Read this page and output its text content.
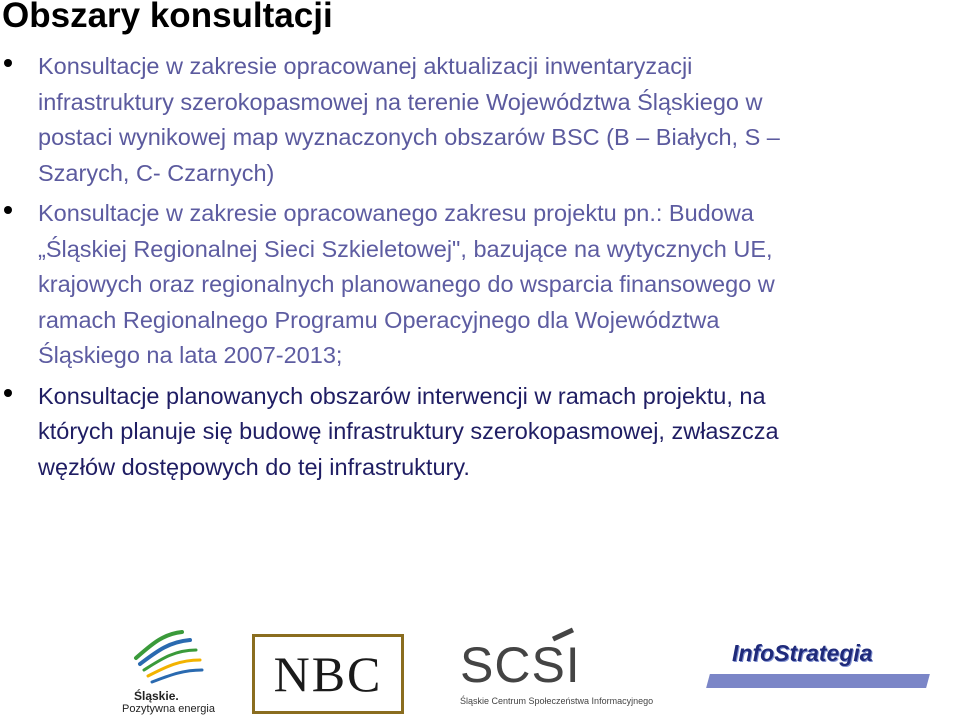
Obszary konsultacji
Konsultacje w zakresie opracowanej aktualizacji inwentaryzacji
infrastruktury szerokopasmowej na terenie Województwa Śląskiego w
postaci wynikowej map wyznaczonych obszarów BSC (B – Białych, S –
Szarych, C- Czarnych)
Konsultacje w zakresie opracowanego zakresu projektu pn.: Budowa
„Śląskiej Regionalnej Sieci Szkieletowej", bazujące na wytycznych UE,
krajowych oraz regionalnych planowanego do wsparcia finansowego w
ramach Regionalnego Programu Operacyjnego dla Województwa
Śląskiego na lata 2007-2013;
Konsultacje planowanych obszarów interwencji w ramach projektu, na
których planuje się budowę infrastruktury szerokopasmowej, zwłaszcza
węzłów dostępowych do tej infrastruktury.
Śląskie.
Pozytywna energia
NBC SCSI
Śląskie Centrum Społeczeństwa Informacyjnego
InfoStrategia
